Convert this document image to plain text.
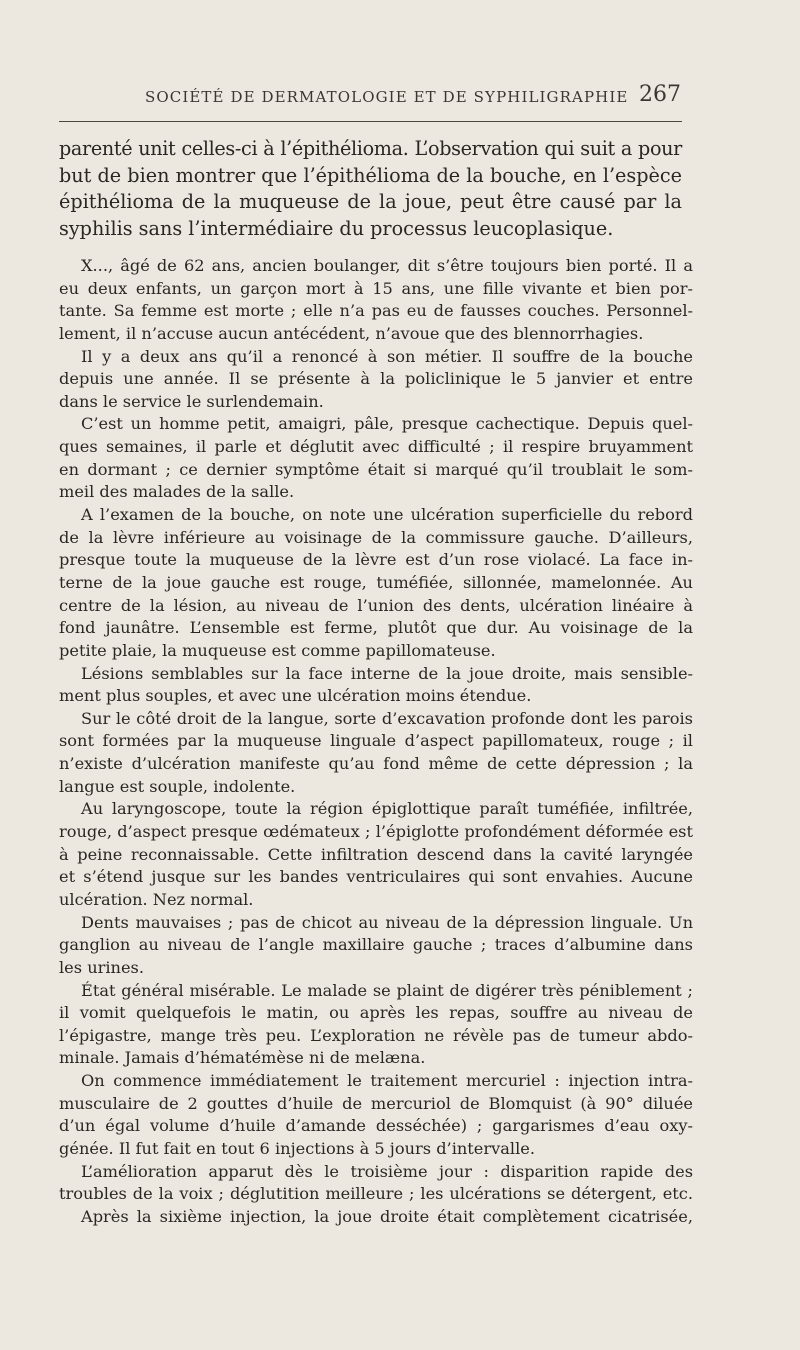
SOCIÉTÉ DE DERMATOLOGIE ET DE SYPHILIGRAPHIE 267
parenté unit celles-ci à l’épithélioma. L’observation qui suit a pour
but de bien montrer que l’épithélioma de la bouche, en l’espèce
épithélioma de la muqueuse de la joue, peut être causé par la
syphilis sans l’intermédiaire du processus leucoplasique.
X..., âgé de 62 ans, ancien boulanger, dit s’être toujours bien porté. Il a
eu deux enfants, un garçon mort à 15 ans, une fille vivante et bien por-
tante. Sa femme est morte ; elle n’a pas eu de fausses couches. Personnel-
lement, il n’accuse aucun antécédent, n’avoue que des blennorrhagies.
Il y a deux ans qu’il a renoncé à son métier. Il souffre de la bouche
depuis une année. Il se présente à la policlinique le 5 janvier et entre
dans le service le surlendemain.
C’est un homme petit, amaigri, pâle, presque cachectique. Depuis quel-
ques semaines, il parle et déglutit avec difficulté ; il respire bruyamment
en dormant ; ce dernier symptôme était si marqué qu’il troublait le som-
meil des malades de la salle.
A l’examen de la bouche, on note une ulcération superficielle du rebord
de la lèvre inférieure au voisinage de la commissure gauche. D’ailleurs,
presque toute la muqueuse de la lèvre est d’un rose violacé. La face in-
terne de la joue gauche est rouge, tuméfiée, sillonnée, mamelonnée. Au
centre de la lésion, au niveau de l’union des dents, ulcération linéaire à
fond jaunâtre. L’ensemble est ferme, plutôt que dur. Au voisinage de la
petite plaie, la muqueuse est comme papillomateuse.
Lésions semblables sur la face interne de la joue droite, mais sensible-
ment plus souples, et avec une ulcération moins étendue.
Sur le côté droit de la langue, sorte d’excavation profonde dont les parois
sont formées par la muqueuse linguale d’aspect papillomateux, rouge ; il
n’existe d’ulcération manifeste qu’au fond même de cette dépression ; la
langue est souple, indolente.
Au laryngoscope, toute la région épiglottique paraît tuméfiée, infiltrée,
rouge, d’aspect presque œdémateux ; l’épiglotte profondément déformée est
à peine reconnaissable. Cette infiltration descend dans la cavité laryngée
et s’étend jusque sur les bandes ventriculaires qui sont envahies. Aucune
ulcération. Nez normal.
Dents mauvaises ; pas de chicot au niveau de la dépression linguale. Un
ganglion au niveau de l’angle maxillaire gauche ; traces d’albumine dans
les urines.
État général misérable. Le malade se plaint de digérer très péniblement ;
il vomit quelquefois le matin, ou après les repas, souffre au niveau de
l’épigastre, mange très peu. L’exploration ne révèle pas de tumeur abdo-
minale. Jamais d’hématémèse ni de melæna.
On commence immédiatement le traitement mercuriel : injection intra-
musculaire de 2 gouttes d’huile de mercuriol de Blomquist (à 90° diluée
d’un égal volume d’huile d’amande desséchée) ; gargarismes d’eau oxy-
génée. Il fut fait en tout 6 injections à 5 jours d’intervalle.
L’amélioration apparut dès le troisième jour : disparition rapide des
troubles de la voix ; déglutition meilleure ; les ulcérations se détergent, etc.
Après la sixième injection, la joue droite était complètement cicatrisée,
